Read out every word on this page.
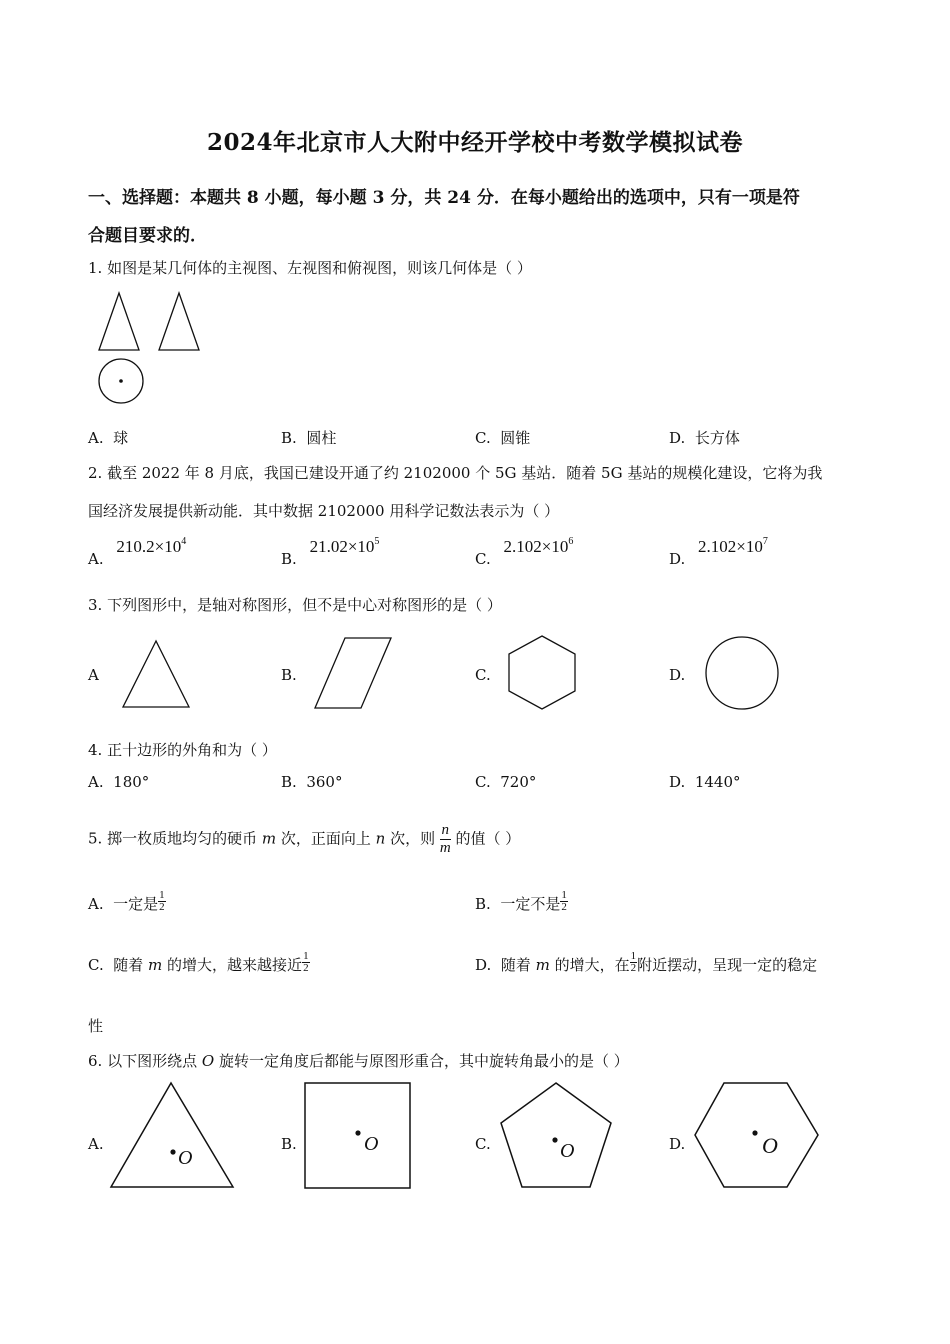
2024年北京市人大附中经开学校中考数学模拟试卷
一、选择题：本题共 8 小题，每小题 3 分，共 24 分．在每小题给出的选项中，只有一项是符
合题目要求的．
1. 如图是某几何体的主视图、左视图和俯视图，则该几何体是（ ）
A. 球	B. 圆柱	C. 圆锥	D. 长方体
2. 截至 2022 年 8 月底，我国已建设开通了约 2102000 个 5G 基站．随着 5G 基站的规模化建设，它将为我
国经济发展提供新动能．其中数据 2102000 用科学记数法表示为（ ）
A. $210.2\times 10^4$
B. $21.02\times 10^5$
C. $2.102\times 10^6$
D. $2.102\times 10^7$
3. 下列图形中，是轴对称图形，但不是中心对称图形的是（ ）
A	B.	C.	D.
4. 正十边形的外角和为（ ）
A. 180°	B. 360°	C. 720°	D. 1440°
5. 掷一枚质地均匀的硬币 m 次，正面向上 n 次，则 $\frac{n}{m}$ 的值（ ）
A. 一定是 $\frac{1}{2}$	B. 一定不是 $\frac{1}{2}$
C. 随着 m 的增大，越来越接近 $\frac{1}{2}$	D. 随着 m 的增大，在 $\frac{1}{2}$ 附近摆动，呈现一定的稳定
性
6. 以下图形绕点 O 旋转一定角度后都能与原图形重合，其中旋转角最小的是（ ）
A.
O
B.	O	C.	O	D.	O
